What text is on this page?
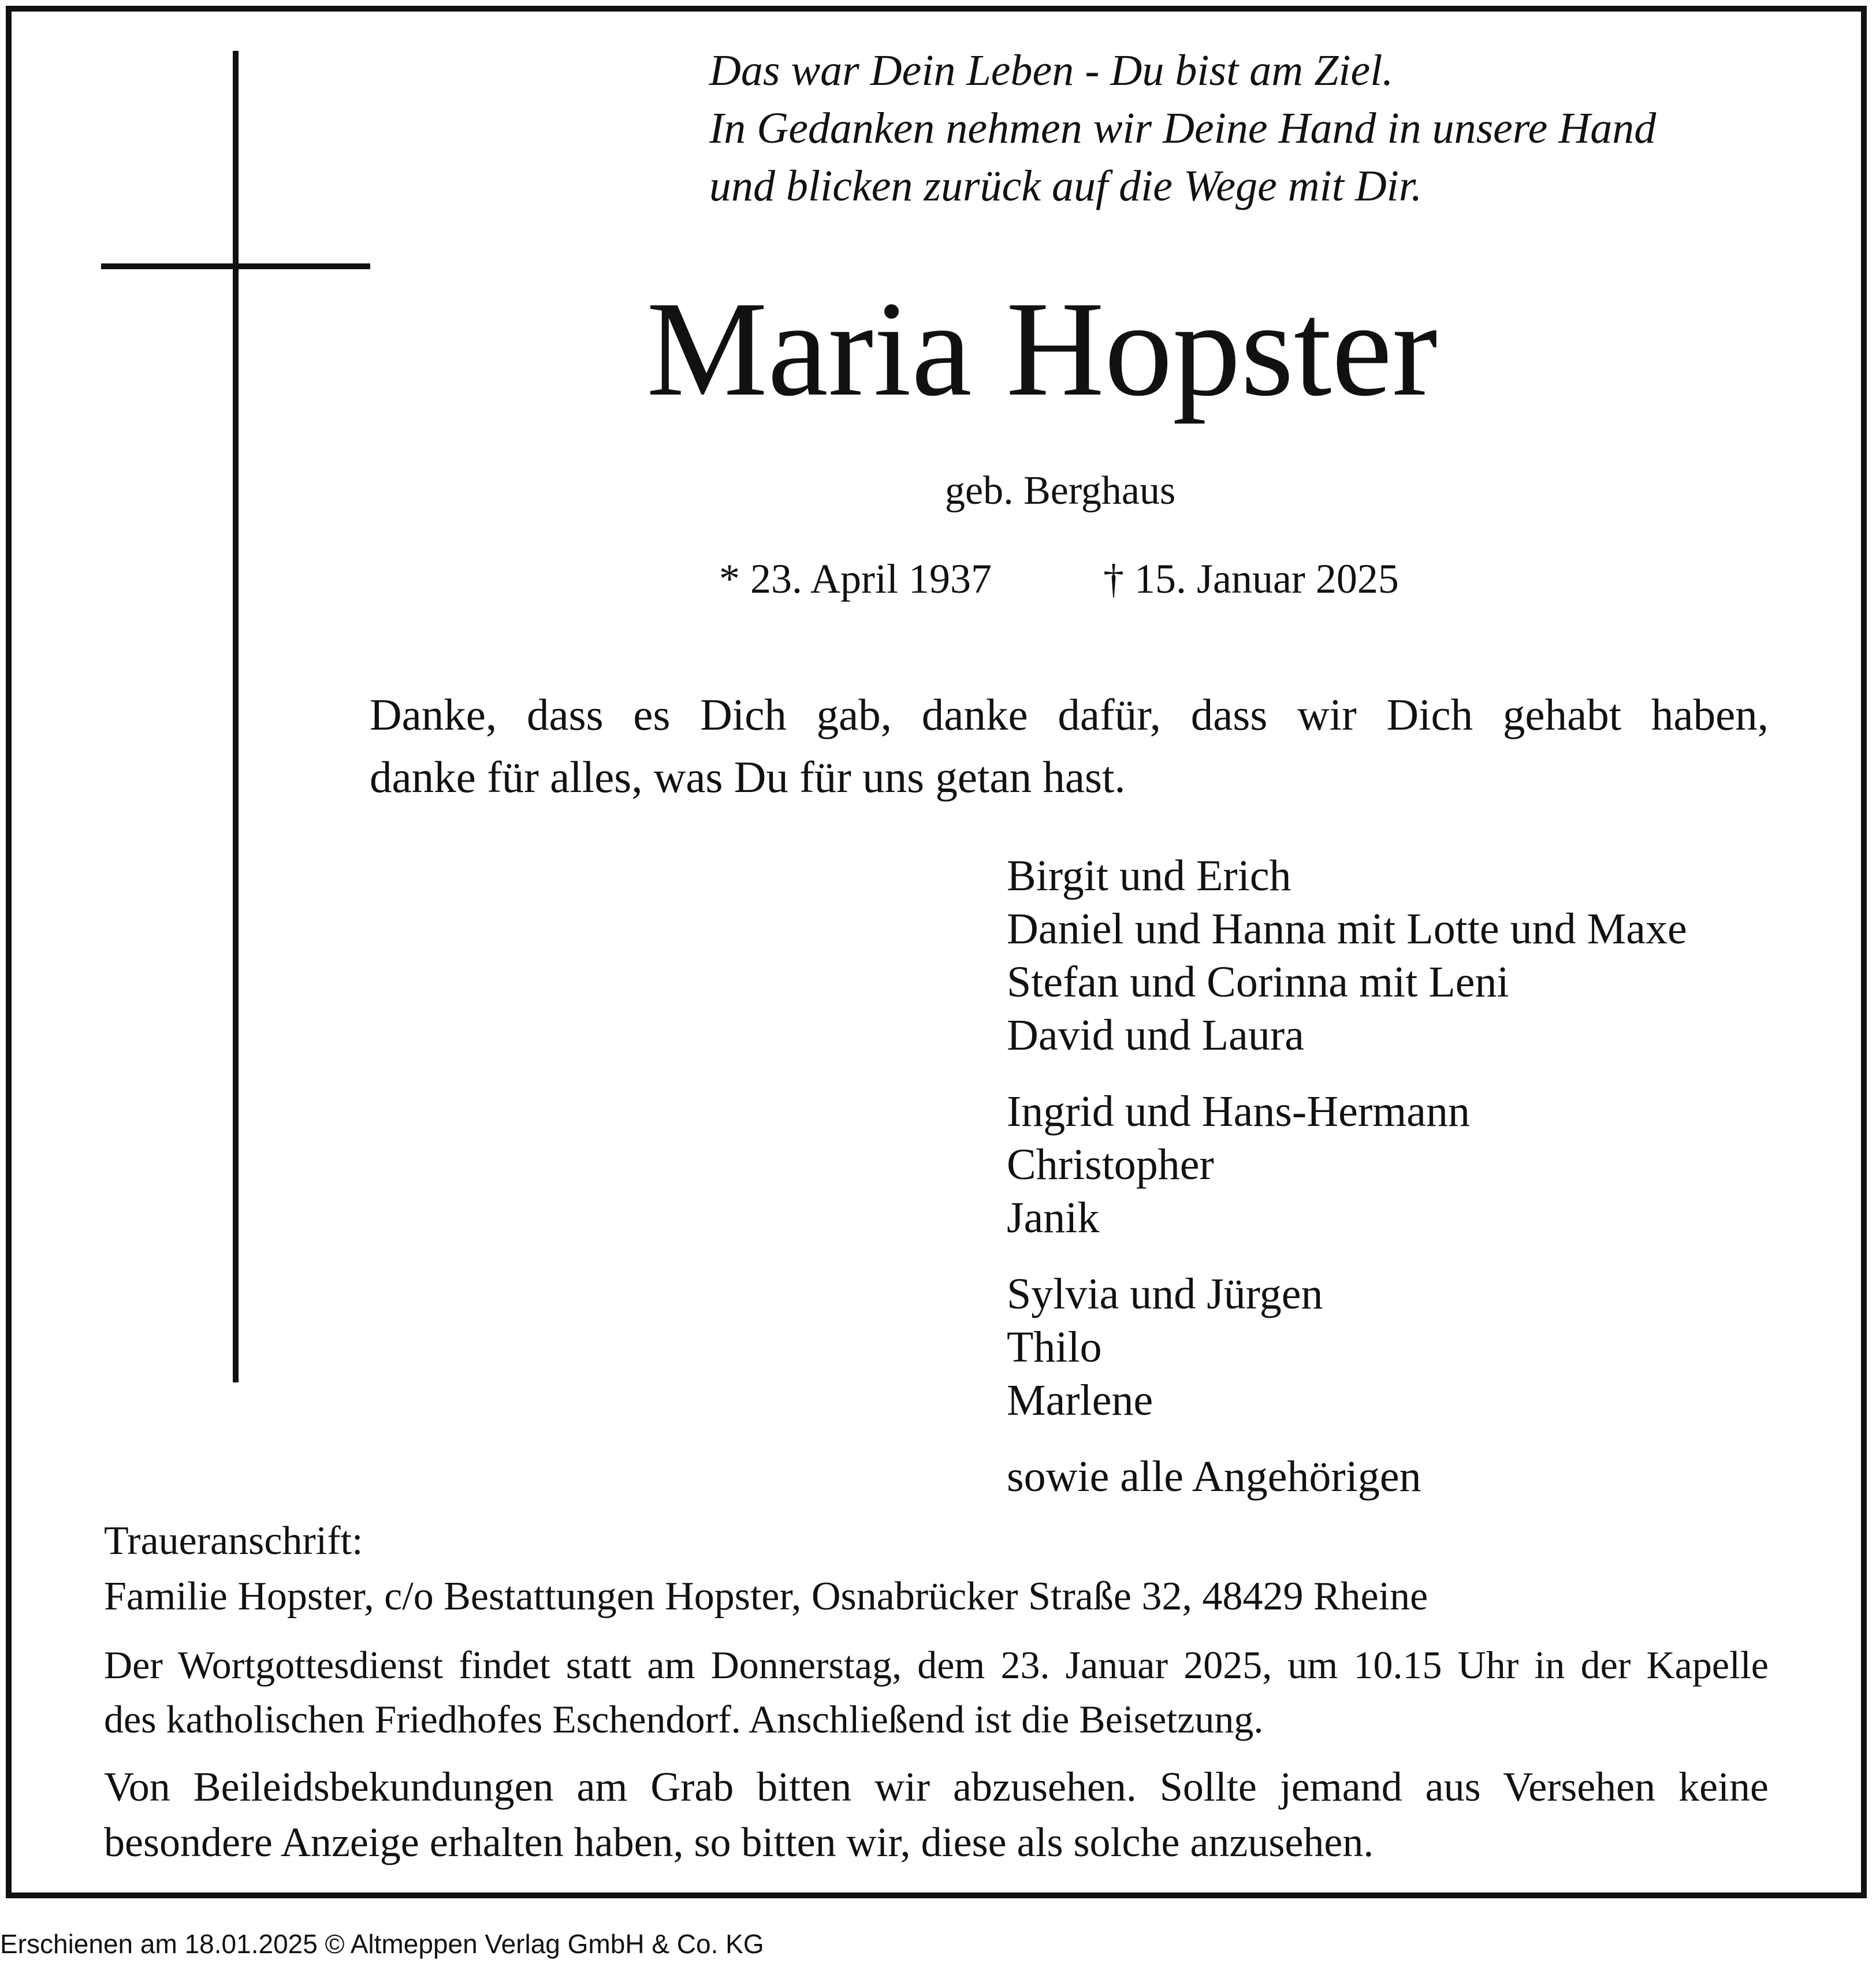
Das war Dein Leben - Du bist am Ziel.
In Gedanken nehmen wir Deine Hand in unsere Hand
und blicken zurück auf die Wege mit Dir.
Maria Hopster
geb. Berghaus
* 23. April 1937	† 15. Januar 2025
Danke, dass es Dich gab, danke dafür, dass wir Dich gehabt haben,
danke für alles, was Du für uns getan hast.
Birgit und Erich
Daniel und Hanna mit Lotte und Maxe
Stefan und Corinna mit Leni
David und Laura
Ingrid und Hans-Hermann
Christopher
Janik
Sylvia und Jürgen
Thilo
Marlene
sowie alle Angehörigen
Traueranschrift:
Familie Hopster, c/o Bestattungen Hopster, Osnabrücker Straße 32, 48429 Rheine
Der Wortgottesdienst findet statt am Donnerstag, dem 23. Januar 2025, um 10.15 Uhr in der Kapelle
des katholischen Friedhofes Eschendorf. Anschließend ist die Beisetzung.
Von Beileidsbekundungen am Grab bitten wir abzusehen. Sollte jemand aus Versehen keine
besondere Anzeige erhalten haben, so bitten wir, diese als solche anzusehen.
Erschienen am 18.01.2025 © Altmeppen Verlag GmbH & Co. KG
